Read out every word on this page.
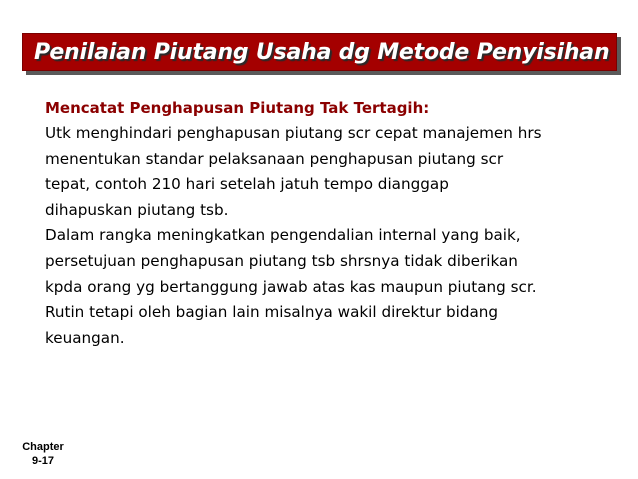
Penilaian Piutang Usaha dg Metode Penyisihan
Mencatat Penghapusan Piutang Tak Tertagih:
Utk menghindari penghapusan piutang scr cepat manajemen hrs
menentukan standar pelaksanaan penghapusan piutang scr
tepat, contoh 210 hari setelah jatuh tempo dianggap
dihapuskan piutang tsb.
Dalam rangka meningkatkan pengendalian internal yang baik,
persetujuan penghapusan piutang tsb shrsnya tidak diberikan
kpda orang yg bertanggung jawab atas kas maupun piutang scr.
Rutin tetapi oleh bagian lain misalnya wakil direktur bidang
keuangan.
Chapter
9-17
